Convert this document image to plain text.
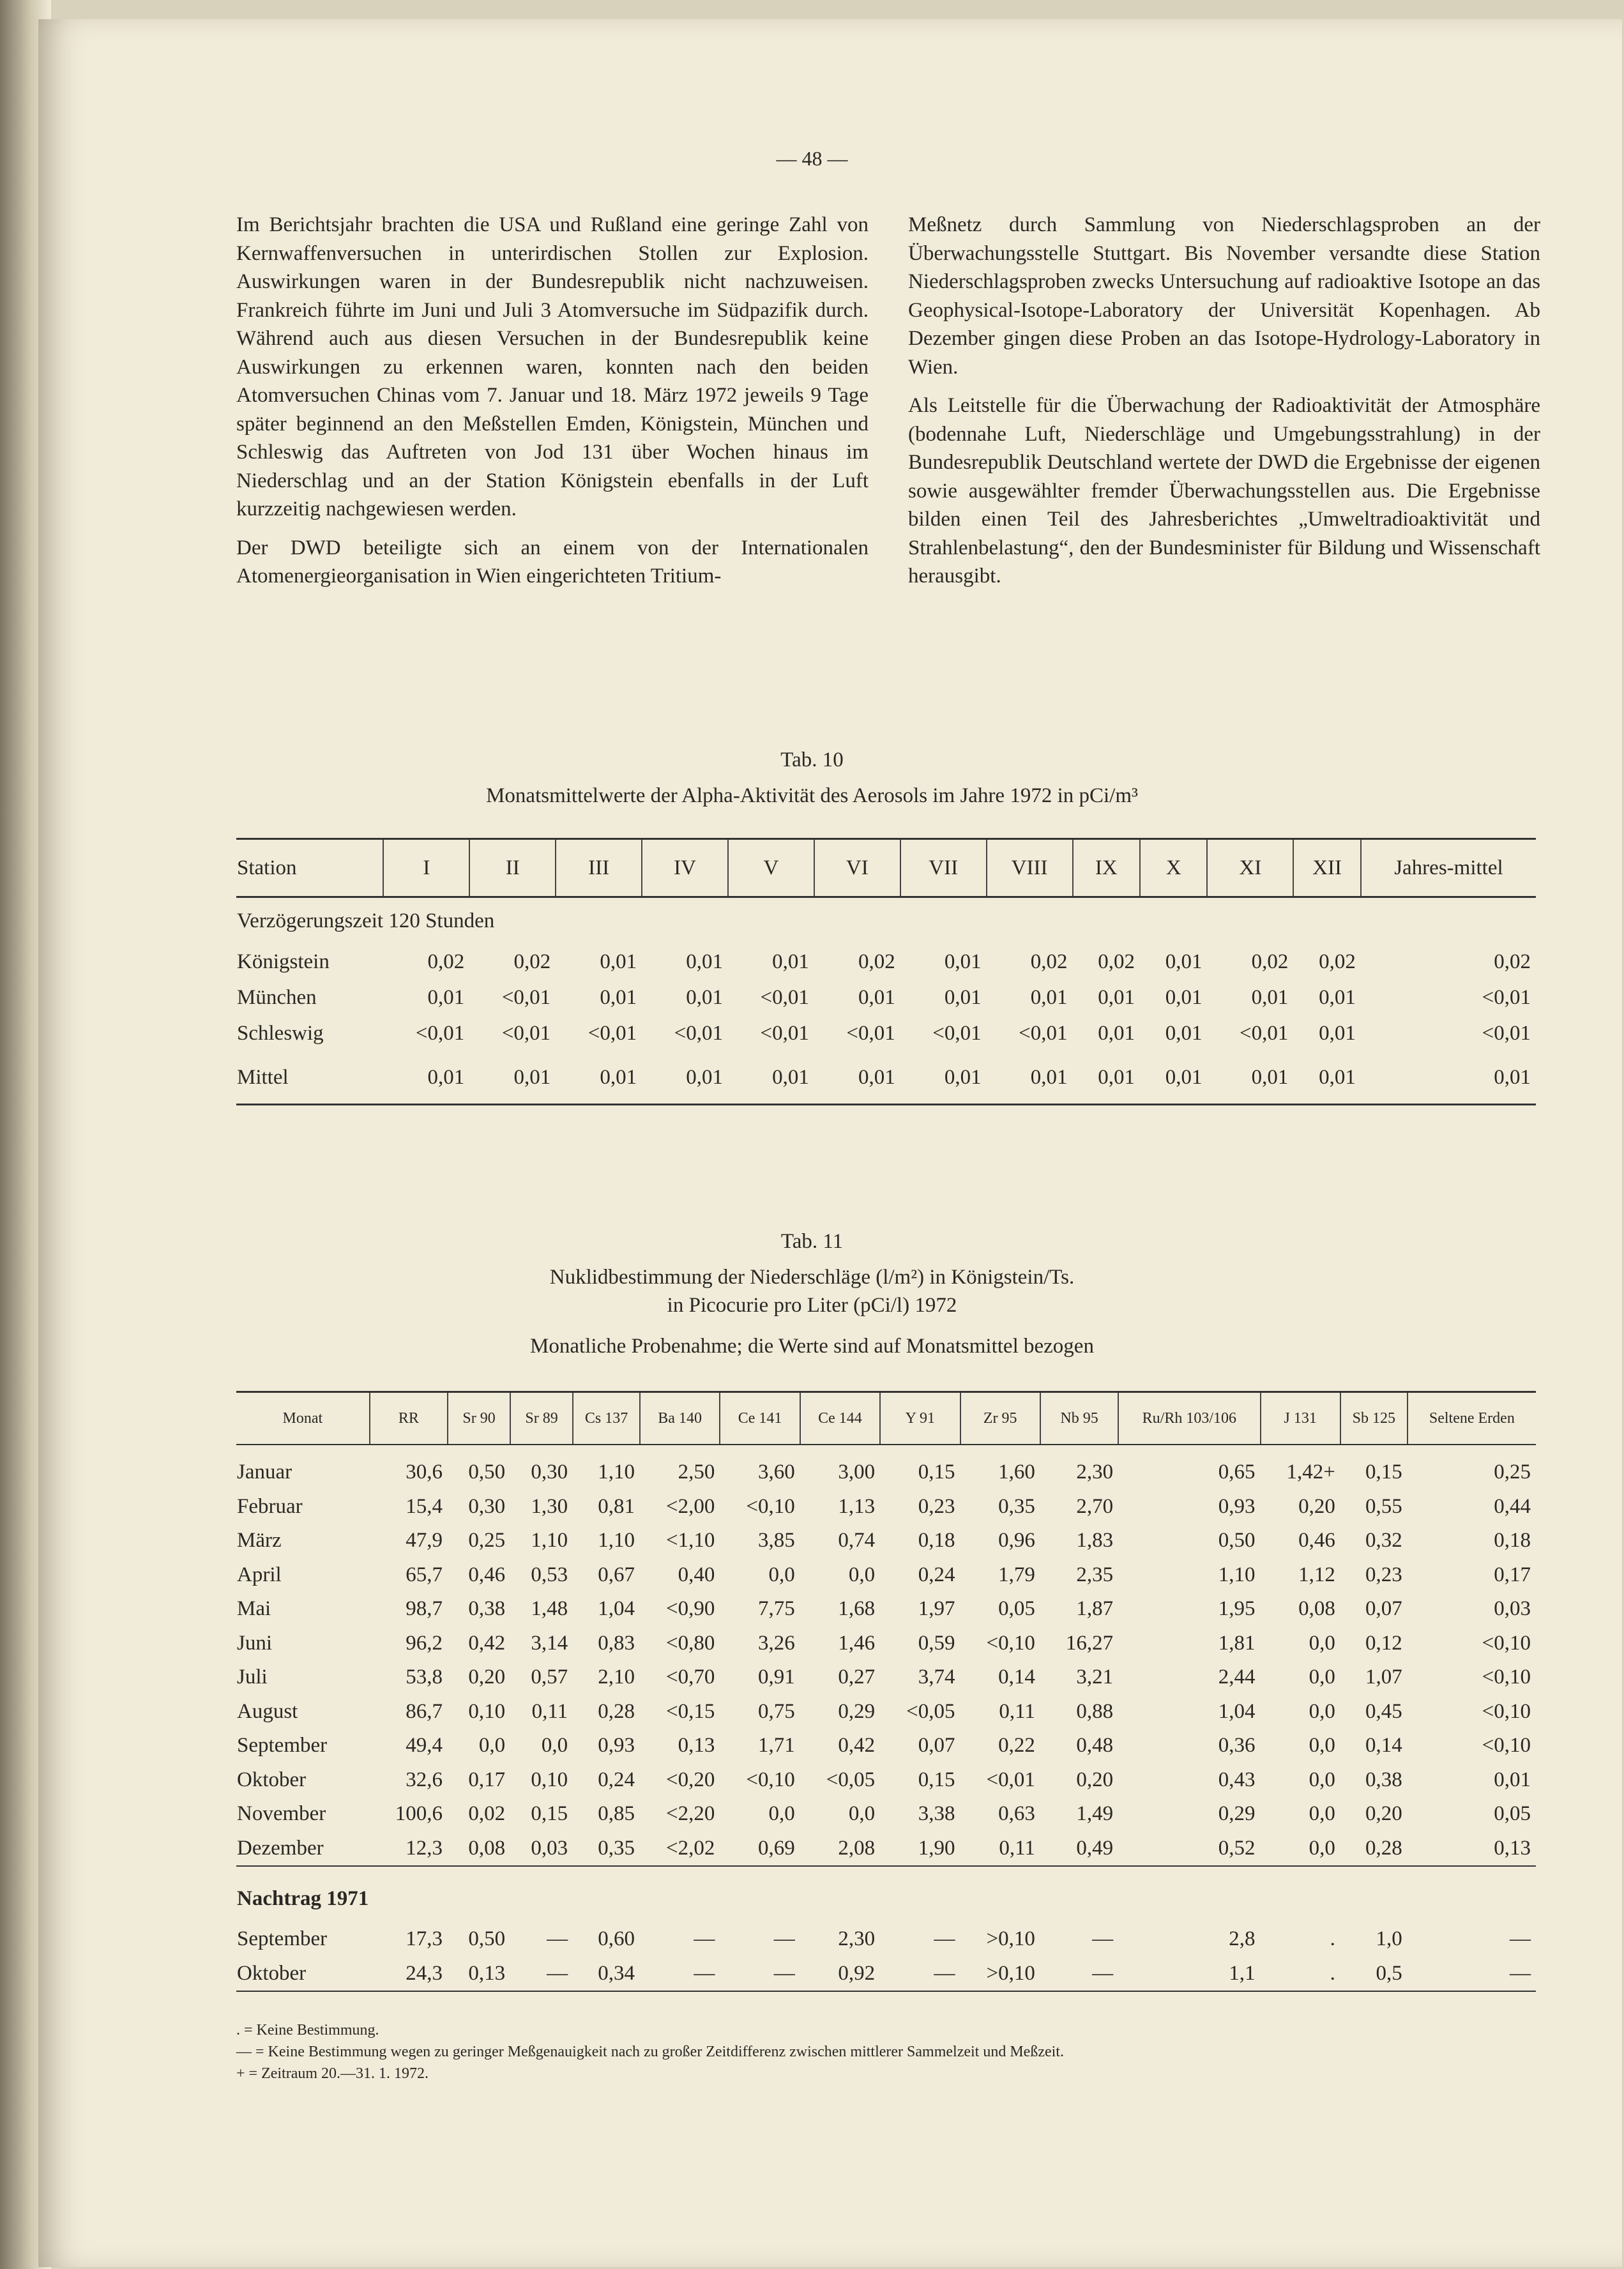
— 48 —

Im Berichtsjahr brachten die USA und Rußland eine geringe Zahl von Kernwaffenversuchen in unterirdischen Stollen zur Explosion. Auswirkungen waren in der Bundesrepublik nicht nachzuweisen. Frankreich führte im Juni und Juli 3 Atomversuche im Südpazifik durch. Während auch aus diesen Versuchen in der Bundesrepublik keine Auswirkungen zu erkennen waren, konnten nach den beiden Atomversuchen Chinas vom 7. Januar und 18. März 1972 jeweils 9 Tage später beginnend an den Meßstellen Emden, Königstein, München und Schleswig das Auftreten von Jod 131 über Wochen hinaus im Niederschlag und an der Station Königstein ebenfalls in der Luft kurzzeitig nachgewiesen werden.

Der DWD beteiligte sich an einem von der Internationalen Atomenergieorganisation in Wien eingerichteten Tritium-

Meßnetz durch Sammlung von Niederschlagsproben an der Überwachungsstelle Stuttgart. Bis November versandte diese Station Niederschlagsproben zwecks Untersuchung auf radioaktive Isotope an das Geophysical-Isotope-Laboratory der Universität Kopenhagen. Ab Dezember gingen diese Proben an das Isotope-Hydrology-Laboratory in Wien.

Als Leitstelle für die Überwachung der Radioaktivität der Atmosphäre (bodennahe Luft, Niederschläge und Umgebungsstrahlung) in der Bundesrepublik Deutschland wertete der DWD die Ergebnisse der eigenen sowie ausgewählter fremder Überwachungsstellen aus. Die Ergebnisse bilden einen Teil des Jahresberichtes „Umweltradioaktivität und Strahlenbelastung“, den der Bundesminister für Bildung und Wissenschaft herausgibt.

Tab. 10
Monatsmittelwerte der Alpha-Aktivität des Aerosols im Jahre 1972 in pCi/m³
Station	I	II	III	IV	V	VI	VII	VIII	IX	X	XI	XII	Jahres-mittel
Verzögerungszeit 120 Stunden													
Königstein	0,02	0,02	0,01	0,01	0,01	0,02	0,01	0,02	0,02	0,01	0,02	0,02	0,02
München	0,01	<0,01	0,01	0,01	<0,01	0,01	0,01	0,01	0,01	0,01	0,01	0,01	<0,01
Schleswig	<0,01	<0,01	<0,01	<0,01	<0,01	<0,01	<0,01	<0,01	0,01	0,01	<0,01	0,01	<0,01
Mittel	0,01	0,01	0,01	0,01	0,01	0,01	0,01	0,01	0,01	0,01	0,01	0,01	0,01
Tab. 11
Nuklidbestimmung der Niederschläge (l/m²) in Königstein/Ts.
in Picocurie pro Liter (pCi/l) 1972
Monatliche Probenahme; die Werte sind auf Monatsmittel bezogen
Monat	RR	Sr 90	Sr 89	Cs 137	Ba 140	Ce 141	Ce 144	Y 91	Zr 95	Nb 95	Ru/Rh 103/106	J 131	Sb 125	Seltene Erden

Januar	30,6	0,50	0,30	1,10	2,50	3,60	3,00	0,15	1,60	2,30	0,65	1,42+	0,15	0,25
Februar	15,4	0,30	1,30	0,81	<2,00	<0,10	1,13	0,23	0,35	2,70	0,93	0,20	0,55	0,44
März	47,9	0,25	1,10	1,10	<1,10	3,85	0,74	0,18	0,96	1,83	0,50	0,46	0,32	0,18
April	65,7	0,46	0,53	0,67	0,40	0,0	0,0	0,24	1,79	2,35	1,10	1,12	0,23	0,17
Mai	98,7	0,38	1,48	1,04	<0,90	7,75	1,68	1,97	0,05	1,87	1,95	0,08	0,07	0,03
Juni	96,2	0,42	3,14	0,83	<0,80	3,26	1,46	0,59	<0,10	16,27	1,81	0,0	0,12	<0,10
Juli	53,8	0,20	0,57	2,10	<0,70	0,91	0,27	3,74	0,14	3,21	2,44	0,0	1,07	<0,10
August	86,7	0,10	0,11	0,28	<0,15	0,75	0,29	<0,05	0,11	0,88	1,04	0,0	0,45	<0,10
September	49,4	0,0	0,0	0,93	0,13	1,71	0,42	0,07	0,22	0,48	0,36	0,0	0,14	<0,10
Oktober	32,6	0,17	0,10	0,24	<0,20	<0,10	<0,05	0,15	<0,01	0,20	0,43	0,0	0,38	0,01
November	100,6	0,02	0,15	0,85	<2,20	0,0	0,0	3,38	0,63	1,49	0,29	0,0	0,20	0,05
Dezember	12,3	0,08	0,03	0,35	<2,02	0,69	2,08	1,90	0,11	0,49	0,52	0,0	0,28	0,13
Nachtrag 1971														
September	17,3	0,50	—	0,60	—	—	2,30	—	>0,10	—	2,8	.	1,0	—
Oktober	24,3	0,13	—	0,34	—	—	0,92	—	>0,10	—	1,1	.	0,5	—
. = Keine Bestimmung.
— = Keine Bestimmung wegen zu geringer Meßgenauigkeit nach zu großer Zeitdifferenz zwischen mittlerer Sammelzeit und Meßzeit.
+ = Zeitraum 20.—31. 1. 1972.
